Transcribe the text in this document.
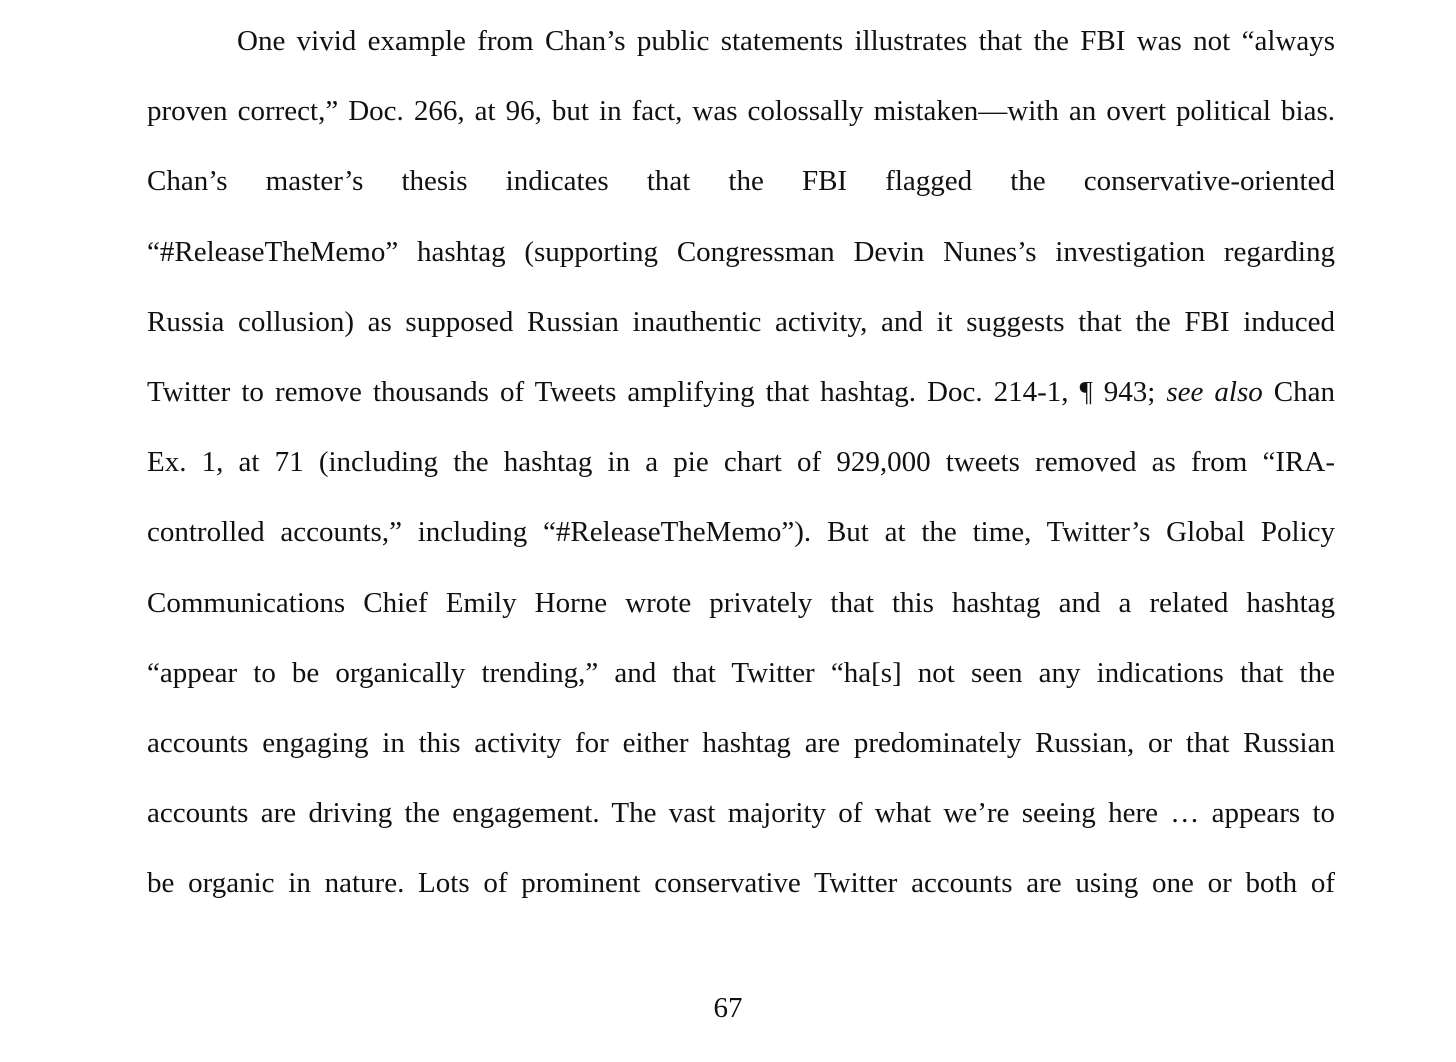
One vivid example from Chan’s public statements illustrates that the FBI was not “always
proven correct,” Doc. 266, at 96, but in fact, was colossally mistaken—with an overt political bias.
Chan’s master’s thesis indicates that the FBI flagged the conservative-oriented
“#ReleaseTheMemo” hashtag (supporting Congressman Devin Nunes’s investigation regarding
Russia collusion) as supposed Russian inauthentic activity, and it suggests that the FBI induced
Twitter to remove thousands of Tweets amplifying that hashtag. Doc. 214-1, ¶ 943; see also Chan
Ex. 1, at 71 (including the hashtag in a pie chart of 929,000 tweets removed as from “IRA-
controlled accounts,” including “#ReleaseTheMemo”). But at the time, Twitter’s Global Policy
Communications Chief Emily Horne wrote privately that this hashtag and a related hashtag
“appear to be organically trending,” and that Twitter “ha[s] not seen any indications that the
accounts engaging in this activity for either hashtag are predominately Russian, or that Russian
accounts are driving the engagement. The vast majority of what we’re seeing here … appears to
be organic in nature. Lots of prominent conservative Twitter accounts are using one or both of

67
